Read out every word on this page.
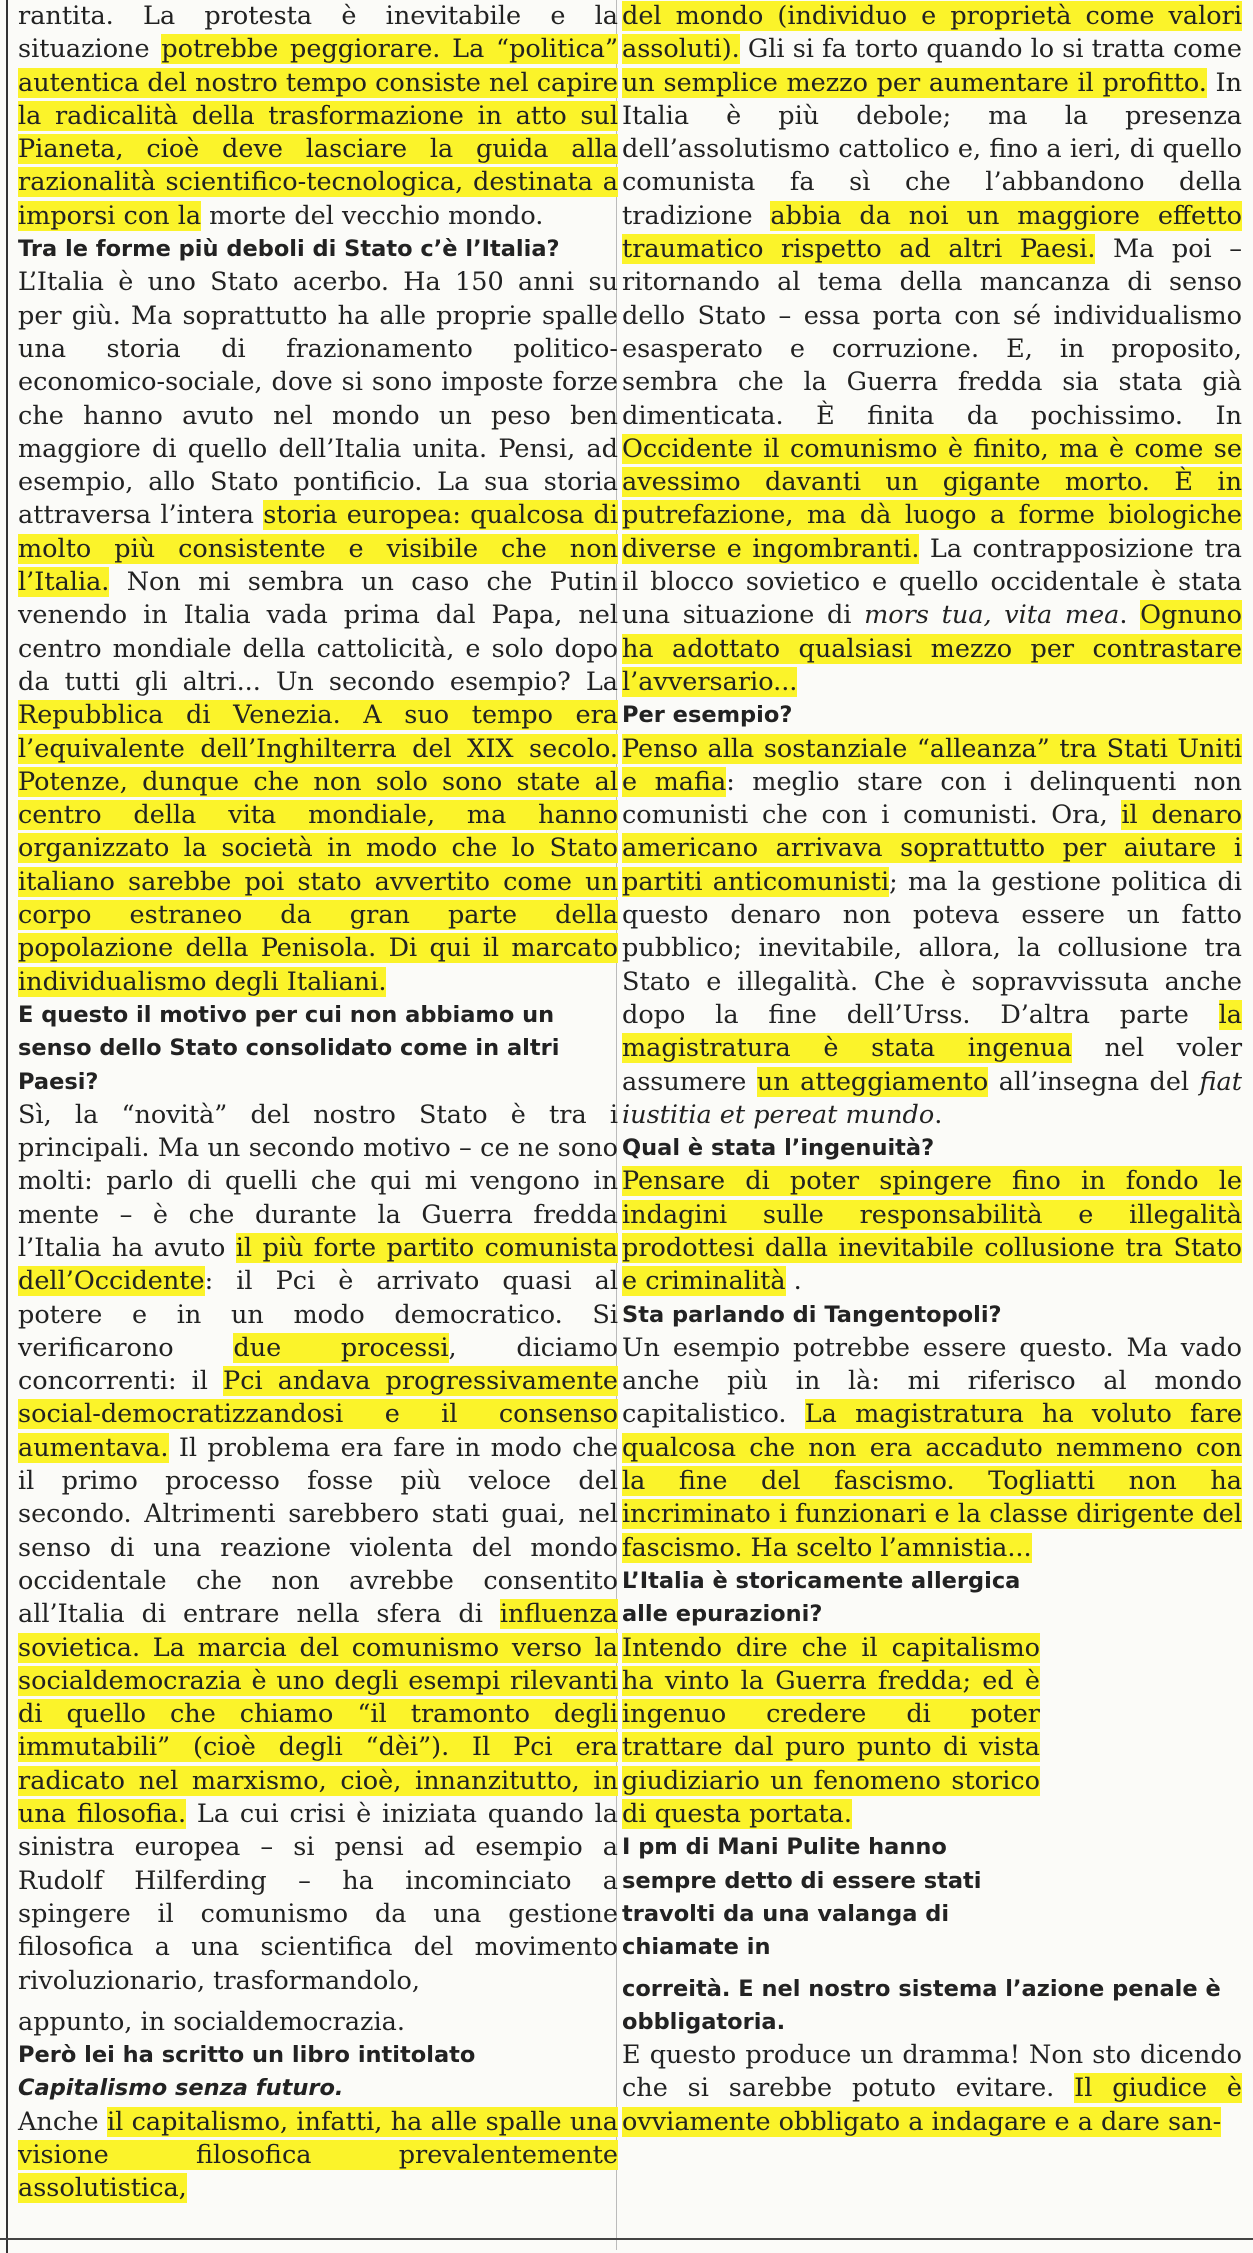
rantita. La protesta è inevitabile e la situazione potrebbe peggiorare. La “politica” autentica del nostro tempo consiste nel capire la radicalità della trasformazione in atto sul Pianeta, cioè deve lasciare la guida alla razionalità scientifico-tecnologica, destinata a imporsi con la morte del vecchio mondo.

Tra le forme più deboli di Stato c’è l’Italia?

L’Italia è uno Stato acerbo. Ha 150 anni su per giù. Ma soprattutto ha alle proprie spalle una storia di frazionamento politico-economico-sociale, dove si sono imposte forze che hanno avuto nel mondo un peso ben maggiore di quello dell’Italia unita. Pensi, ad esempio, allo Stato pontificio. La sua storia attraversa l’intera storia europea: qualcosa di molto più consistente e visibile che non l’Italia. Non mi sembra un caso che Putin venendo in Italia vada prima dal Papa, nel centro mondiale della cattolicità, e solo dopo da tutti gli altri... Un secondo esempio? La Repubblica di Venezia. A suo tempo era l’equivalente dell’Inghilterra del XIX secolo. Potenze, dunque che non solo sono state al centro della vita mondiale, ma hanno organizzato la società in modo che lo Stato italiano sarebbe poi stato avvertito come un corpo estraneo da gran parte della popolazione della Penisola. Di qui il marcato individualismo degli Italiani.

E questo il motivo per cui non abbiamo un senso dello Stato consolidato come in altri Paesi?

Sì, la “novità” del nostro Stato è tra i principali. Ma un secondo motivo – ce ne sono molti: parlo di quelli che qui mi vengono in mente – è che durante la Guerra fredda l’Italia ha avuto il più forte partito comunista dell’Occidente: il Pci è arrivato quasi al potere e in un modo democratico. Si verificarono due processi, diciamo concorrenti: il Pci andava progressivamente social-democratizzandosi e il consenso aumentava. Il problema era fare in modo che il primo processo fosse più veloce del secondo. Altrimenti sarebbero stati guai, nel senso di una reazione violenta del mondo occidentale che non avrebbe consentito all’Italia di entrare nella sfera di influenza sovietica. La marcia del comunismo verso la socialdemocrazia è uno degli esempi rilevanti di quello che chiamo “il tramonto degli immutabili” (cioè degli “dèi”). Il Pci era radicato nel marxismo, cioè, innanzitutto, in una filosofia. La cui crisi è iniziata quando la sinistra europea – si pensi ad esempio a Rudolf Hilferding – ha incominciato a spingere il comunismo da una gestione filosofica a una scientifica del movimento rivoluzionario, trasformandolo,

appunto, in socialdemocrazia.

Però lei ha scritto un libro intitolato Capitalismo senza futuro.

Anche il capitalismo, infatti, ha alle spalle una visione filosofica prevalentemente assolutistica,

del mondo (individuo e proprietà come valori assoluti). Gli si fa torto quando lo si tratta come un semplice mezzo per aumentare il profitto. In Italia è più debole; ma la presenza dell’assolutismo cattolico e, fino a ieri, di quello comunista fa sì che l’abbandono della tradizione abbia da noi un maggiore effetto traumatico rispetto ad altri Paesi. Ma poi – ritornando al tema della mancanza di senso dello Stato – essa porta con sé individualismo esasperato e corruzione. E, in proposito, sembra che la Guerra fredda sia stata già dimenticata. È finita da pochissimo. In Occidente il comunismo è finito, ma è come se avessimo davanti un gigante morto. È in putrefazione, ma dà luogo a forme biologiche diverse e ingombranti. La contrapposizione tra il blocco sovietico e quello occidentale è stata una situazione di mors tua, vita mea. Ognuno ha adottato qualsiasi mezzo per contrastare l’avversario...

Per esempio?

Penso alla sostanziale “alleanza” tra Stati Uniti e mafia: meglio stare con i delinquenti non comunisti che con i comunisti. Ora, il denaro americano arrivava soprattutto per aiutare i partiti anticomunisti; ma la gestione politica di questo denaro non poteva essere un fatto pubblico; inevitabile, allora, la collusione tra Stato e illegalità. Che è sopravvissuta anche dopo la fine dell’Urss. D’altra parte la magistratura è stata ingenua nel voler assumere un atteggiamento all’insegna del fiat iustitia et pereat mundo.

Qual è stata l’ingenuità?

Pensare di poter spingere fino in fondo le indagini sulle responsabilità e illegalità prodottesi dalla inevitabile collusione tra Stato e criminalità .

Sta parlando di Tangentopoli?

Un esempio potrebbe essere questo. Ma vado anche più in là: mi riferisco al mondo capitalistico. La magistratura ha voluto fare qualcosa che non era accaduto nemmeno con la fine del fascismo. Togliatti non ha incriminato i funzionari e la classe dirigente del fascismo. Ha scelto l’amnistia...

L’Italia è storicamente allergica alle epurazioni?

Intendo dire che il capitalismo ha vinto la Guerra fredda; ed è ingenuo credere di poter trattare dal puro punto di vista giudiziario un fenomeno storico di questa portata.

I pm di Mani Pulite hanno sempre detto di essere stati travolti da una valanga di chiamate in
correità. E nel nostro sistema l’azione penale è obbligatoria.

E questo produce un dramma! Non sto dicendo che si sarebbe potuto evitare. Il giudice è ovviamente obbligato a indagare e a dare san-
